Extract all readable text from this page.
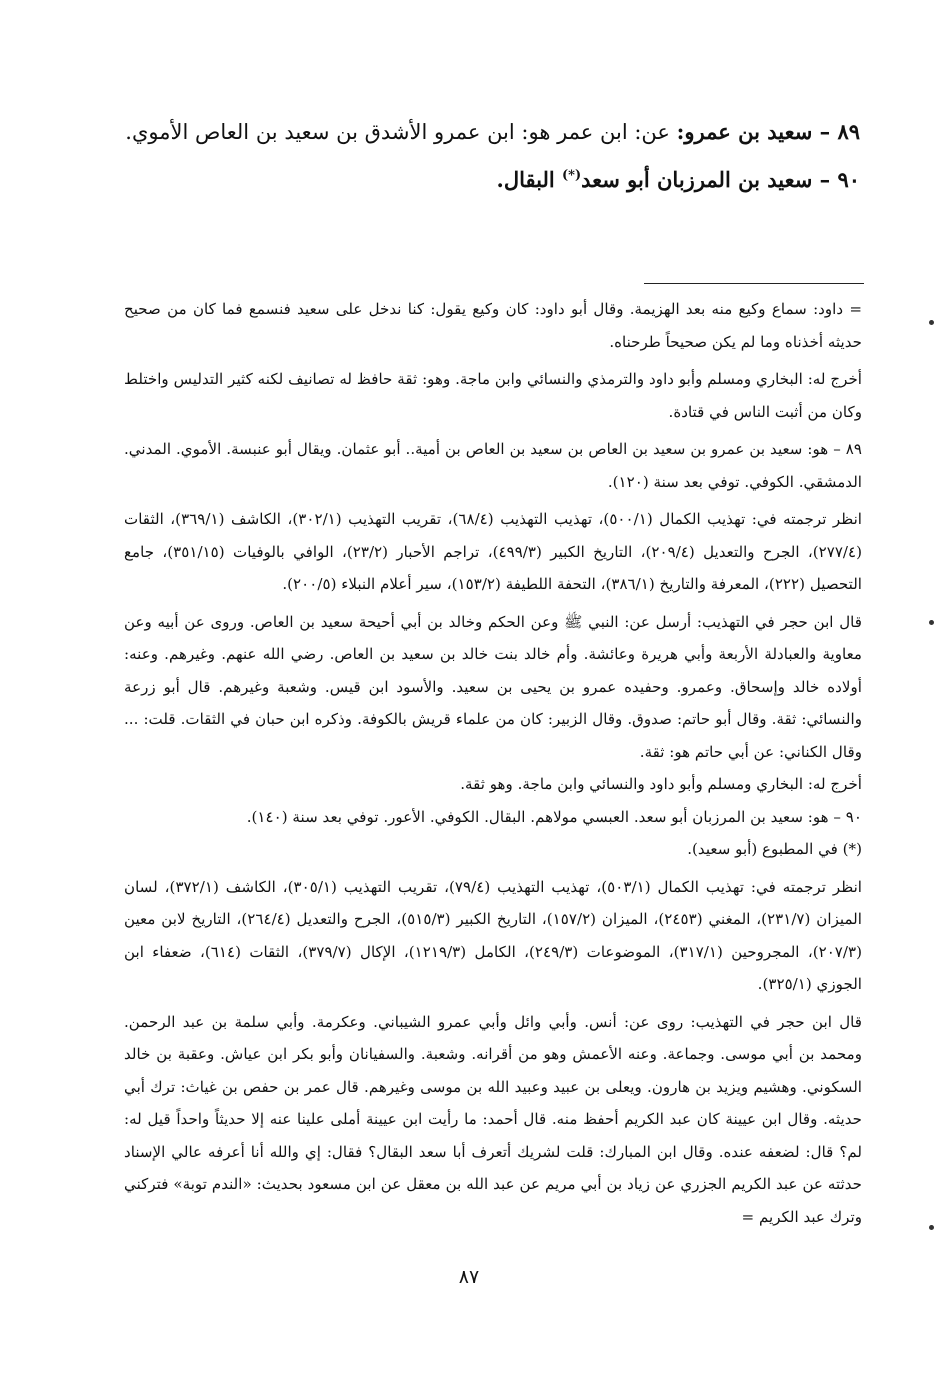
٨٩ – سعيد بن عمرو: عن: ابن عمر هو: ابن عمرو الأشدق بن سعيد بن العاص الأموي.

٩٠ – سعيد بن المرزبان أبو سعد(*) البقال.

= داود: سماع وكيع منه بعد الهزيمة. وقال أبو داود: كان وكيع يقول: كنا ندخل على سعيد فنسمع فما كان من صحيح حديثه أخذناه وما لم يكن صحيحاً طرحناه.

أخرج له: البخاري ومسلم وأبو داود والترمذي والنسائي وابن ماجة. وهو: ثقة حافظ له تصانيف لكنه كثير التدليس واختلط وكان من أثبت الناس في قتادة.

٨٩ – هو: سعيد بن عمرو بن سعيد بن العاص بن سعيد بن العاص بن أمية.. أبو عثمان. ويقال أبو عنبسة. الأموي. المدني. الدمشقي. الكوفي. توفي بعد سنة (١٢٠).

انظر ترجمته في: تهذيب الكمال (٥٠٠/١)، تهذيب التهذيب (٦٨/٤)، تقريب التهذيب (٣٠٢/١)، الكاشف (٣٦٩/١)، الثقات (٢٧٧/٤)، الجرح والتعديل (٢٠٩/٤)، التاريخ الكبير (٤٩٩/٣)، تراجم الأحبار (٢٣/٢)، الوافي بالوفيات (٣٥١/١٥)، جامع التحصيل (٢٢٢)، المعرفة والتاريخ (٣٨٦/١)، التحفة اللطيفة (١٥٣/٢)، سير أعلام النبلاء (٢٠٠/٥).

قال ابن حجر في التهذيب: أرسل عن: النبي ﷺ وعن الحكم وخالد بن أبي أحيحة سعيد بن العاص. وروى عن أبيه وعن معاوية والعبادلة الأربعة وأبي هريرة وعائشة. وأم خالد بنت خالد بن سعيد بن العاص. رضي الله عنهم. وغيرهم. وعنه: أولاده خالد وإسحاق. وعمرو. وحفيده عمرو بن يحيى بن سعيد. والأسود ابن قيس. وشعبة وغيرهم. قال أبو زرعة والنسائي: ثقة. وقال أبو حاتم: صدوق. وقال الزبير: كان من علماء قريش بالكوفة. وذكره ابن حبان في الثقات. قلت: ... وقال الكناني: عن أبي حاتم هو: ثقة.

أخرج له: البخاري ومسلم وأبو داود والنسائي وابن ماجة. وهو ثقة.

٩٠ – هو: سعيد بن المرزبان أبو سعد. العبسي مولاهم. البقال. الكوفي. الأعور. توفي بعد سنة (١٤٠).

(*) في المطبوع (أبو سعيد).

انظر ترجمته في: تهذيب الكمال (٥٠٣/١)، تهذيب التهذيب (٧٩/٤)، تقريب التهذيب (٣٠٥/١)، الكاشف (٣٧٢/١)، لسان الميزان (٢٣١/٧)، المغني (٢٤٥٣)، الميزان (١٥٧/٢)، التاريخ الكبير (٥١٥/٣)، الجرح والتعديل (٢٦٤/٤)، التاريخ لابن معين (٢٠٧/٣)، المجروحين (٣١٧/١)، الموضوعات (٢٤٩/٣)، الكامل (١٢١٩/٣)، الإكال (٣٧٩/٧)، الثقات (٦١٤)، ضعفاء ابن الجوزي (٣٢٥/١).

قال ابن حجر في التهذيب: روى عن: أنس. وأبي وائل وأبي عمرو الشيباني. وعكرمة. وأبي سلمة بن عبد الرحمن. ومحمد بن أبي موسى. وجماعة. وعنه الأعمش وهو من أقرانه. وشعبة. والسفيانان وأبو بكر ابن عياش. وعقبة بن خالد السكوني. وهشيم ويزيد بن هارون. ويعلى بن عبيد وعبيد الله بن موسى وغيرهم. قال عمر بن حفص بن غياث: ترك أبي حديثه. وقال ابن عيينة كان عبد الكريم أحفظ منه. قال أحمد: ما رأيت ابن عيينة أملى علينا عنه إلا حديثاً واحداً قيل له: لم؟ قال: لضعفه عنده. وقال ابن المبارك: قلت لشريك أتعرف أبا سعد البقال؟ فقال: إي والله أنا أعرفه عالي الإسناد حدثته عن عبد الكريم الجزري عن زياد بن أبي مريم عن عبد الله بن معقل عن ابن مسعود بحديث: «الندم توبة» فتركني وترك عبد الكريم =

٨٧
